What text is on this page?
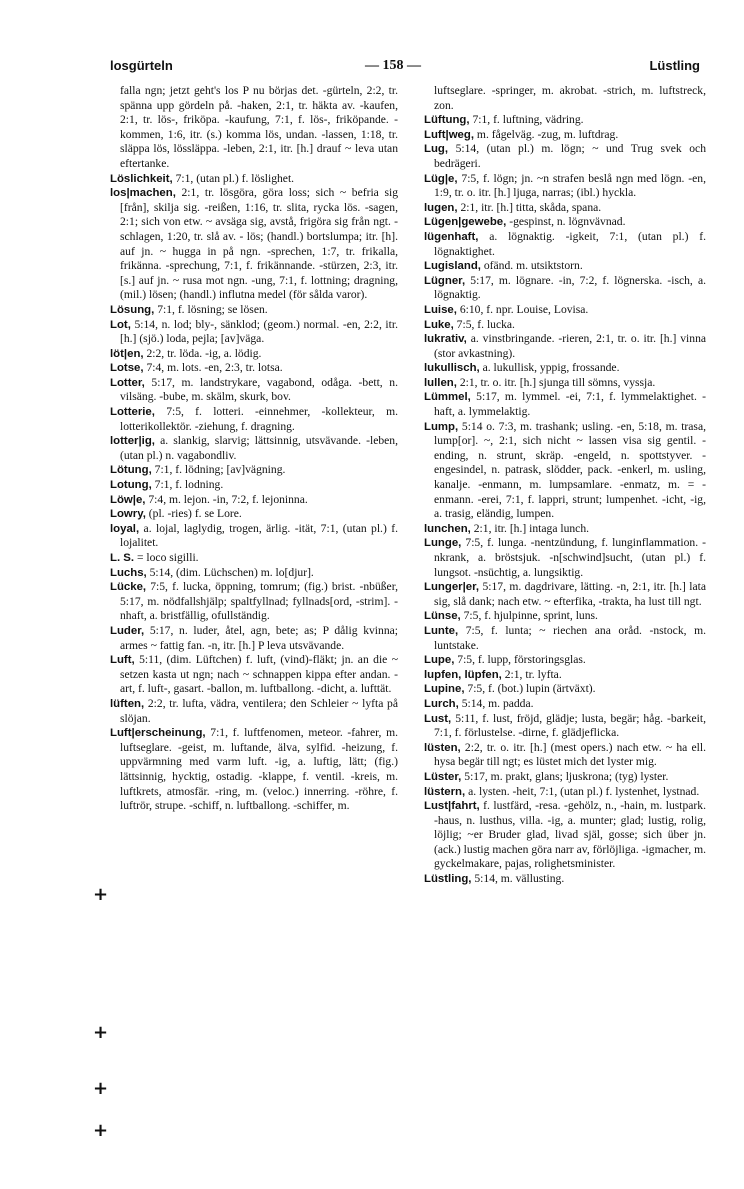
losgürteln	— 158 —	Lüstling

falla ngn; jetzt geht's los P nu börjas det. -gürteln, 2:2, tr. spänna upp gördeln på. -haken, 2:1, tr. häkta av. -kaufen, 2:1, tr. lös-, friköpa. -kaufung, 7:1, f. lös-, friköpande. -kommen, 1:6, itr. (s.) komma lös, undan. -lassen, 1:18, tr. släppa lös, lössläppa. -leben, 2:1, itr. [h.] drauf ~ leva utan eftertanke.

Löslichkeit, 7:1, (utan pl.) f. löslighet.

los|machen, 2:1, tr. lösgöra, göra loss; sich ~ befria sig [från], skilja sig. -reißen, 1:16, tr. slita, rycka lös. -sagen, 2:1; sich von etw. ~ avsäga sig, avstå, frigöra sig från ngt. -schlagen, 1:20, tr. slå av. - lös; (handl.) bortslumpa; itr. [h]. auf jn. ~ hugga in på ngn. -sprechen, 1:7, tr. frikalla, frikänna. -sprechung, 7:1, f. frikännande. -stürzen, 2:3, itr. [s.] auf jn. ~ rusa mot ngn. -ung, 7:1, f. lottning; dragning, (mil.) lösen; (handl.) influtna medel (för sålda varor).

Lösung, 7:1, f. lösning; se lösen.

Lot, 5:14, n. lod; bly-, sänklod; (geom.) normal. -en, 2:2, itr. [h.] (sjö.) loda, pejla; [av]väga.

löt|en, 2:2, tr. löda. -ig, a. lödig.

Lotse, 7:4, m. lots. -en, 2:3, tr. lotsa.

Lotter, 5:17, m. landstrykare, vagabond, odåga. -bett, n. vilsäng. -bube, m. skälm, skurk, bov.

Lotterie, 7:5, f. lotteri. -einnehmer, -kollekteur, m. lotterikollektör. -ziehung, f. dragning.

lotter|ig, a. slankig, slarvig; lättsinnig, utsvävande. -leben, (utan pl.) n. vagabondliv.

Lötung, 7:1, f. lödning; [av]vägning.

Lotung, 7:1, f. lodning.

Löw|e, 7:4, m. lejon. -in, 7:2, f. lejoninna.

Lowry, (pl. -ries) f. se Lore.

loyal, a. lojal, laglydig, trogen, ärlig. -ität, 7:1, (utan pl.) f. lojalitet.

L. S. = loco sigilli.

Luchs, 5:14, (dim. Lüchschen) m. lo[djur].

Lücke, 7:5, f. lucka, öppning, tomrum; (fig.) brist. -nbüßer, 5:17, m. nödfallshjälp; spaltfyllnad; fyllnads[ord, -strim]. -nhaft, a. bristfällig, ofullständig.

Luder, 5:17, n. luder, åtel, agn, bete; as; P dålig kvinna; armes ~ fattig fan. -n, itr. [h.] P leva utsvävande.

Luft, 5:11, (dim. Lüftchen) f. luft, (vind)-fläkt; jn. an die ~ setzen kasta ut ngn; nach ~ schnappen kippa efter andan. -art, f. luft-, gasart. -ballon, m. luftballong. -dicht, a. lufttät.

lüften, 2:2, tr. lufta, vädra, ventilera; den Schleier ~ lyfta på slöjan.

Luft|erscheinung, 7:1, f. luftfenomen, meteor. -fahrer, m. luftseglare. -geist, m. luftande, älva, sylfid. -heizung, f. uppvärmning med varm luft. -ig, a. luftig, lätt; (fig.) lättsinnig, hycktig, ostadig. -klappe, f. ventil. -kreis, m. luftkrets, atmosfär. -ring, m. (veloc.) innerring. -röhre, f. luftrör, strupe. -schiff, n. luftballong. -schiffer, m.

luftseglare. -springer, m. akrobat. -strich, m. luftstreck, zon.

Lüftung, 7:1, f. luftning, vädring.

Luft|weg, m. fågelväg. -zug, m. luftdrag.

Lug, 5:14, (utan pl.) m. lögn; ~ und Trug svek och bedrägeri.

Lüg|e, 7:5, f. lögn; jn. ~n strafen beslå ngn med lögn. -en, 1:9, tr. o. itr. [h.] ljuga, narras; (ibl.) hyckla.

lugen, 2:1, itr. [h.] titta, skåda, spana.

Lügen|gewebe, -gespinst, n. lögnvävnad.

lügenhaft, a. lögnaktig. -igkeit, 7:1, (utan pl.) f. lögnaktighet.

Lugisland, ofänd. m. utsiktstorn.

Lügner, 5:17, m. lögnare. -in, 7:2, f. lögnerska. -isch, a. lögnaktig.

Luise, 6:10, f. npr. Louise, Lovisa.

Luke, 7:5, f. lucka.

lukrativ, a. vinstbringande. -rieren, 2:1, tr. o. itr. [h.] vinna (stor avkastning).

lukullisch, a. lukullisk, yppig, frossande.

lullen, 2:1, tr. o. itr. [h.] sjunga till sömns, vyssja.

Lümmel, 5:17, m. lymmel. -ei, 7:1, f. lymmelaktighet. -haft, a. lymmelaktig.

Lump, 5:14 o. 7:3, m. trashank; usling. -en, 5:18, m. trasa, lump[or]. ~, 2:1, sich nicht ~ lassen visa sig gentil. -ending, n. strunt, skräp. -engeld, n. spottstyver. -engesindel, n. patrask, slödder, pack. -enkerl, m. usling, kanalje. -enmann, m. lumpsamlare. -enmatz, m. = -enmann. -erei, 7:1, f. lappri, strunt; lumpenhet. -icht, -ig, a. trasig, eländig, lumpen.

lunchen, 2:1, itr. [h.] intaga lunch.

Lunge, 7:5, f. lunga. -nentzündung, f. lunginflammation. -nkrank, a. bröstsjuk. -n[schwind]sucht, (utan pl.) f. lungsot. -nsüchtig, a. lungsiktig.

Lunger|er, 5:17, m. dagdrivare, lätting. -n, 2:1, itr. [h.] lata sig, slå dank; nach etw. ~ efterfika, -trakta, ha lust till ngt.

Lünse, 7:5, f. hjulpinne, sprint, luns.

Lunte, 7:5, f. lunta; ~ riechen ana oråd. -nstock, m. luntstake.

Lupe, 7:5, f. lupp, förstoringsglas.

lupfen, lüpfen, 2:1, tr. lyfta.

Lupine, 7:5, f. (bot.) lupin (ärtväxt).

Lurch, 5:14, m. padda.

Lust, 5:11, f. lust, fröjd, glädje; lusta, begär; håg. -barkeit, 7:1, f. förlustelse. -dirne, f. glädjeflicka.

lüsten, 2:2, tr. o. itr. [h.] (mest opers.) nach etw. ~ ha ell. hysa begär till ngt; es lüstet mich det lyster mig.

Lüster, 5:17, m. prakt, glans; ljuskrona; (tyg) lyster.

lüstern, a. lysten. -heit, 7:1, (utan pl.) f. lystenhet, lystnad.

Lust|fahrt, f. lustfärd, -resa. -gehölz, n., -hain, m. lustpark. -haus, n. lusthus, villa. -ig, a. munter; glad; lustig, rolig, löjlig; ~er Bruder glad, livad själ, gosse; sich über jn. (ack.) lustig machen göra narr av, förlöjliga. -igmacher, m. gyckelmakare, pajas, rolighetsminister.

Lüstling, 5:14, m. vällusting.

+
+
+
+
